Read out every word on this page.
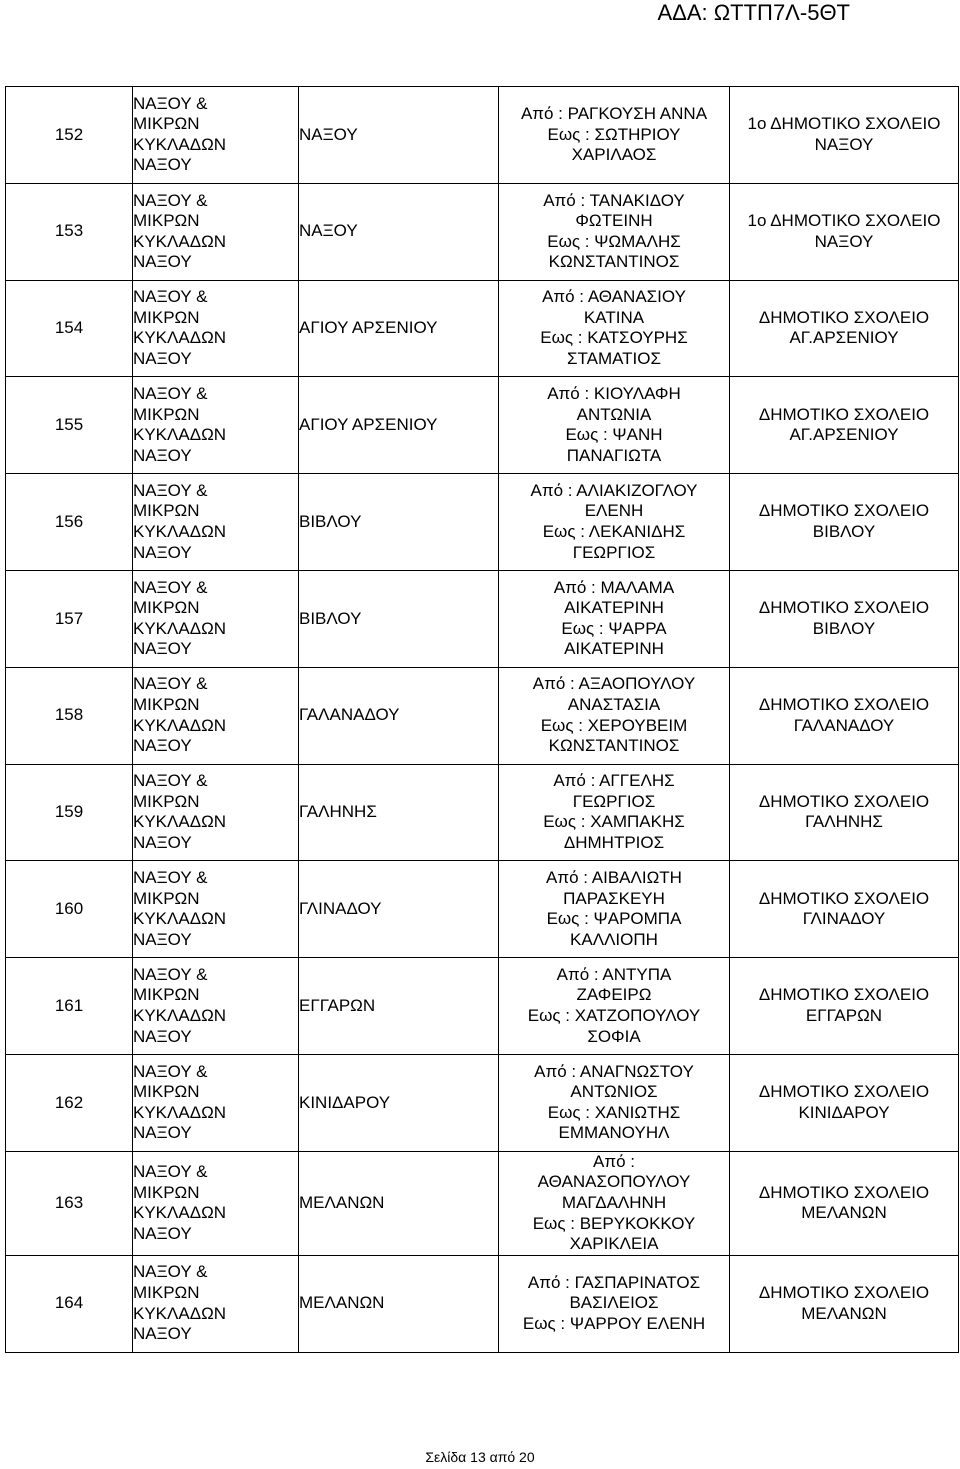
ΑΔΑ: ΩΤΤΠ7Λ-5ΘΤ
152	ΝΑΞΟΥ &
ΜΙΚΡΩΝ
ΚΥΚΛΑΔΩΝ
ΝΑΞΟΥ	ΝΑΞΟΥ	Από : ΡΑΓΚΟΥΣΗ ΑΝΝΑ
Εως : ΣΩΤΗΡΙΟΥ
ΧΑΡΙΛΑΟΣ	1ο ΔΗΜΟΤΙΚΟ ΣΧΟΛΕΙΟ
ΝΑΞΟΥ

153	ΝΑΞΟΥ &
ΜΙΚΡΩΝ
ΚΥΚΛΑΔΩΝ
ΝΑΞΟΥ	ΝΑΞΟΥ	Από : ΤΑΝΑΚΙΔΟΥ
ΦΩΤΕΙΝΗ
Εως : ΨΩΜΑΛΗΣ
ΚΩΝΣΤΑΝΤΙΝΟΣ	1ο ΔΗΜΟΤΙΚΟ ΣΧΟΛΕΙΟ
ΝΑΞΟΥ

154	ΝΑΞΟΥ &
ΜΙΚΡΩΝ
ΚΥΚΛΑΔΩΝ
ΝΑΞΟΥ	ΑΓΙΟΥ ΑΡΣΕΝΙΟΥ	Από : ΑΘΑΝΑΣΙΟΥ
ΚΑΤΙΝΑ
Εως : ΚΑΤΣΟΥΡΗΣ
ΣΤΑΜΑΤΙΟΣ	ΔΗΜΟΤΙΚΟ ΣΧΟΛΕΙΟ
ΑΓ.ΑΡΣΕΝΙΟΥ

155	ΝΑΞΟΥ &
ΜΙΚΡΩΝ
ΚΥΚΛΑΔΩΝ
ΝΑΞΟΥ	ΑΓΙΟΥ ΑΡΣΕΝΙΟΥ	Από : ΚΙΟΥΛΑΦΗ
ΑΝΤΩΝΙΑ
Εως : ΨΑΝΗ
ΠΑΝΑΓΙΩΤΑ	ΔΗΜΟΤΙΚΟ ΣΧΟΛΕΙΟ
ΑΓ.ΑΡΣΕΝΙΟΥ

156	ΝΑΞΟΥ &
ΜΙΚΡΩΝ
ΚΥΚΛΑΔΩΝ
ΝΑΞΟΥ	ΒΙΒΛΟΥ	Από : ΑΛΙΑΚΙΖΟΓΛΟΥ
ΕΛΕΝΗ
Εως : ΛΕΚΑΝΙΔΗΣ
ΓΕΩΡΓΙΟΣ	ΔΗΜΟΤΙΚΟ ΣΧΟΛΕΙΟ
ΒΙΒΛΟΥ

157	ΝΑΞΟΥ &
ΜΙΚΡΩΝ
ΚΥΚΛΑΔΩΝ
ΝΑΞΟΥ	ΒΙΒΛΟΥ	Από : ΜΑΛΑΜΑ
ΑΙΚΑΤΕΡΙΝΗ
Εως : ΨΑΡΡΑ
ΑΙΚΑΤΕΡΙΝΗ	ΔΗΜΟΤΙΚΟ ΣΧΟΛΕΙΟ
ΒΙΒΛΟΥ

158	ΝΑΞΟΥ &
ΜΙΚΡΩΝ
ΚΥΚΛΑΔΩΝ
ΝΑΞΟΥ	ΓΑΛΑΝΑΔΟΥ	Από : ΑΞΑΟΠΟΥΛΟΥ
ΑΝΑΣΤΑΣΙΑ
Εως : ΧΕΡΟΥΒΕΙΜ
ΚΩΝΣΤΑΝΤΙΝΟΣ	ΔΗΜΟΤΙΚΟ ΣΧΟΛΕΙΟ
ΓΑΛΑΝΑΔΟΥ

159	ΝΑΞΟΥ &
ΜΙΚΡΩΝ
ΚΥΚΛΑΔΩΝ
ΝΑΞΟΥ	ΓΑΛΗΝΗΣ	Από : ΑΓΓΕΛΗΣ
ΓΕΩΡΓΙΟΣ
Εως : ΧΑΜΠΑΚΗΣ
ΔΗΜΗΤΡΙΟΣ	ΔΗΜΟΤΙΚΟ ΣΧΟΛΕΙΟ
ΓΑΛΗΝΗΣ

160	ΝΑΞΟΥ &
ΜΙΚΡΩΝ
ΚΥΚΛΑΔΩΝ
ΝΑΞΟΥ	ΓΛΙΝΑΔΟΥ	Από : ΑΙΒΑΛΙΩΤΗ
ΠΑΡΑΣΚΕΥΗ
Εως : ΨΑΡΟΜΠΑ
ΚΑΛΛΙΟΠΗ	ΔΗΜΟΤΙΚΟ ΣΧΟΛΕΙΟ
ΓΛΙΝΑΔΟΥ

161	ΝΑΞΟΥ &
ΜΙΚΡΩΝ
ΚΥΚΛΑΔΩΝ
ΝΑΞΟΥ	ΕΓΓΑΡΩΝ	Από : ΑΝΤΥΠΑ
ΖΑΦΕΙΡΩ
Εως : ΧΑΤΖΟΠΟΥΛΟΥ
ΣΟΦΙΑ	ΔΗΜΟΤΙΚΟ ΣΧΟΛΕΙΟ
ΕΓΓΑΡΩΝ

162	ΝΑΞΟΥ &
ΜΙΚΡΩΝ
ΚΥΚΛΑΔΩΝ
ΝΑΞΟΥ	ΚΙΝΙΔΑΡΟΥ	Από : ΑΝΑΓΝΩΣΤΟΥ
ΑΝΤΩΝΙΟΣ
Εως : ΧΑΝΙΩΤΗΣ
ΕΜΜΑΝΟΥΗΛ	ΔΗΜΟΤΙΚΟ ΣΧΟΛΕΙΟ
ΚΙΝΙΔΑΡΟΥ

163	ΝΑΞΟΥ &
ΜΙΚΡΩΝ
ΚΥΚΛΑΔΩΝ
ΝΑΞΟΥ	ΜΕΛΑΝΩΝ	Από :
ΑΘΑΝΑΣΟΠΟΥΛΟΥ
ΜΑΓΔΑΛΗΝΗ
Εως : ΒΕΡΥΚΟΚΚΟΥ
ΧΑΡΙΚΛΕΙΑ	ΔΗΜΟΤΙΚΟ ΣΧΟΛΕΙΟ
ΜΕΛΑΝΩΝ

164	ΝΑΞΟΥ &
ΜΙΚΡΩΝ
ΚΥΚΛΑΔΩΝ
ΝΑΞΟΥ	ΜΕΛΑΝΩΝ	Από : ΓΑΣΠΑΡΙΝΑΤΟΣ
ΒΑΣΙΛΕΙΟΣ
Εως : ΨΑΡΡΟΥ ΕΛΕΝΗ	ΔΗΜΟΤΙΚΟ ΣΧΟΛΕΙΟ
ΜΕΛΑΝΩΝ
Σελίδα 13 από 20
